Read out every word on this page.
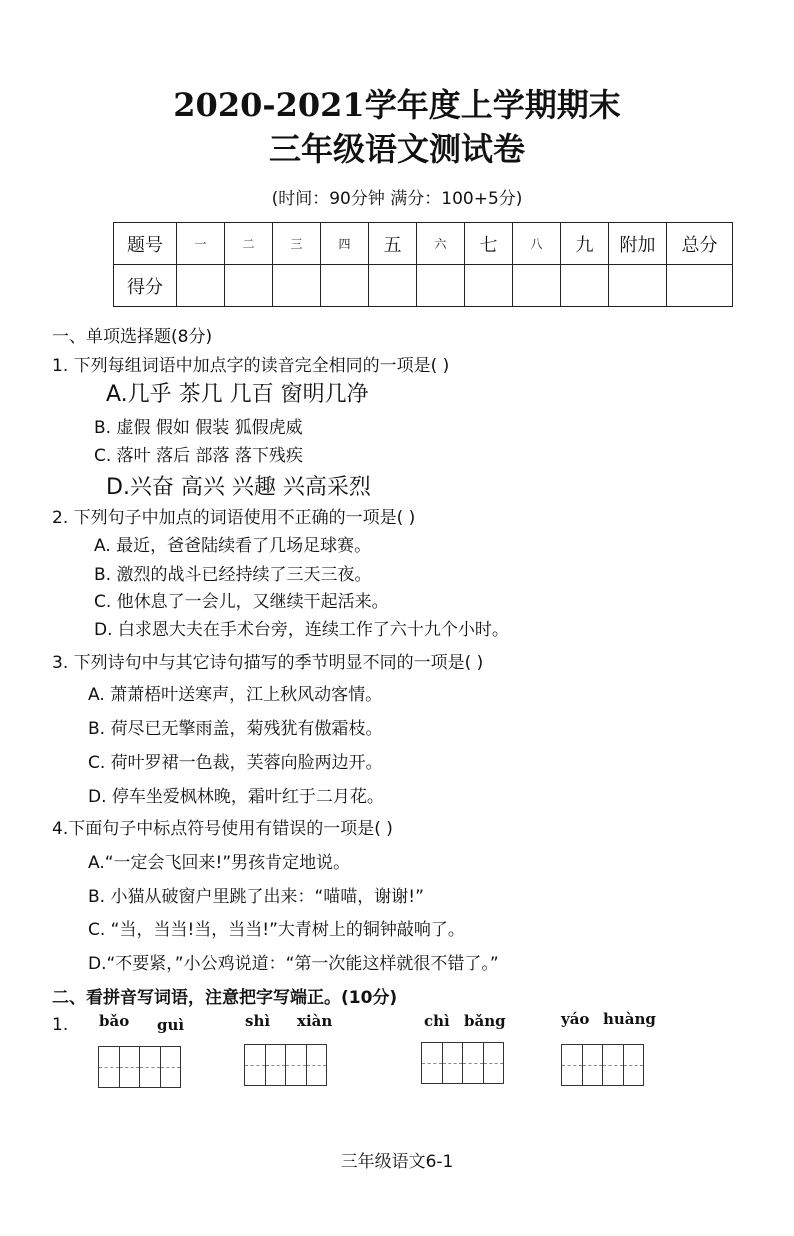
2020-2021学年度上学期期末
三年级语文测试卷
(时间：90分钟 满分：100+5分)
题号	一	二	三	四	五	六	七	八	九	附加	总分
得分											
一、单项选择题(8分)
1. 下列每组词语中加点字的读音完全相同的一项是( )
A.几乎 茶几 几百 窗明几净
B. 虚假 假如 假装 狐假虎威
C. 落叶 落后 部落 落下残疾
D.兴奋 高兴 兴趣 兴高采烈
2. 下列句子中加点的词语使用不正确的一项是( )
A. 最近，爸爸陆续看了几场足球赛。
B. 激烈的战斗已经持续了三天三夜。
C. 他休息了一会儿，又继续干起活来。
D. 白求恩大夫在手术台旁，连续工作了六十九个小时。
3. 下列诗句中与其它诗句描写的季节明显不同的一项是( )
A. 萧萧梧叶送寒声，江上秋风动客情。
B. 荷尽已无擎雨盖，菊残犹有傲霜枝。
C. 荷叶罗裙一色裁，芙蓉向脸两边开。
D. 停车坐爱枫林晚，霜叶红于二月花。
4.下面句子中标点符号使用有错误的一项是( )
A.“一定会飞回来!”男孩肯定地说。
B. 小猫从破窗户里跳了出来：“喵喵，谢谢!”
C. “当，当当!当，当当!”大青树上的铜钟敲响了。
D.“不要紧，”小公鸡说道：“第一次能这样就很不错了。”
二、看拼音写词语，注意把字写端正。(10分)
1. bǎo guì	shì xiàn	chì bǎng	yáo huàng
三年级语文6-1
